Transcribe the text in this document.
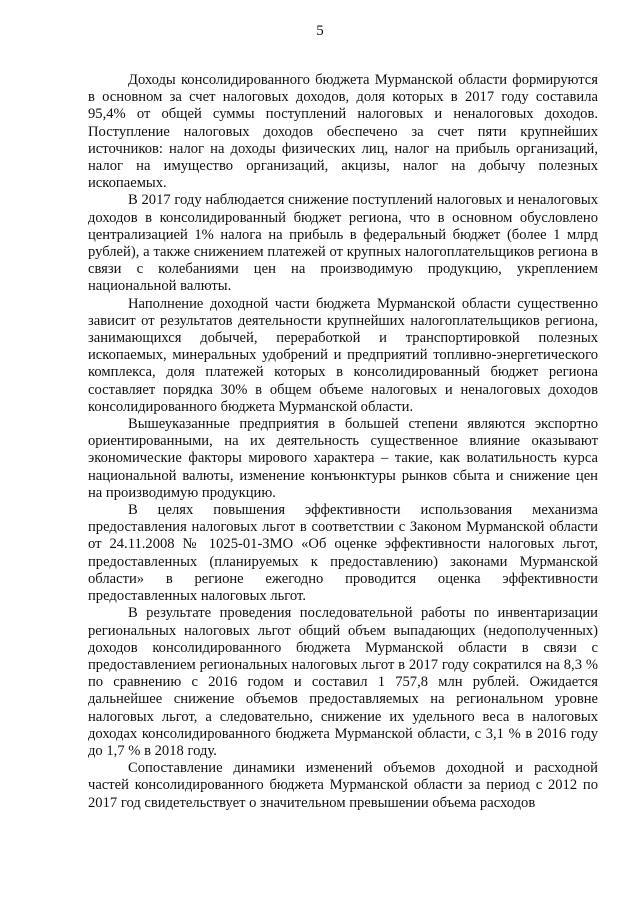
5

Доходы консолидированного бюджета Мурманской области формируются в основном за счет налоговых доходов, доля которых в 2017 году составила 95,4% от общей суммы поступлений налоговых и неналоговых доходов. Поступление налоговых доходов обеспечено за счет пяти крупнейших источников: налог на доходы физических лиц, налог на прибыль организаций, налог на имущество организаций, акцизы, налог на добычу полезных ископаемых.

В 2017 году наблюдается снижение поступлений налоговых и неналоговых доходов в консолидированный бюджет региона, что в основном обусловлено централизацией 1% налога на прибыль в федеральный бюджет (более 1 млрд рублей), а также снижением платежей от крупных налогоплательщиков региона в связи с колебаниями цен на производимую продукцию, укреплением национальной валюты.

Наполнение доходной части бюджета Мурманской области существенно зависит от результатов деятельности крупнейших налогоплательщиков региона, занимающихся добычей, переработкой и транспортировкой полезных ископаемых, минеральных удобрений и предприятий топливно-энергетического комплекса, доля платежей которых в консолидированный бюджет региона составляет порядка 30% в общем объеме налоговых и неналоговых доходов консолидированного бюджета Мурманской области.

Вышеуказанные предприятия в большей степени являются экспортно ориентированными, на их деятельность существенное влияние оказывают экономические факторы мирового характера – такие, как волатильность курса национальной валюты, изменение конъюнктуры рынков сбыта и снижение цен на производимую продукцию.

В целях повышения эффективности использования механизма предоставления налоговых льгот в соответствии с Законом Мурманской области от 24.11.2008 № 1025-01-ЗМО «Об оценке эффективности налоговых льгот, предоставленных (планируемых к предоставлению) законами Мурманской области» в регионе ежегодно проводится оценка эффективности предоставленных налоговых льгот.

В результате проведения последовательной работы по инвентаризации региональных налоговых льгот общий объем выпадающих (недополученных) доходов консолидированного бюджета Мурманской области в связи с предоставлением региональных налоговых льгот в 2017 году сократился на 8,3 % по сравнению с 2016 годом и составил 1 757,8 млн рублей. Ожидается дальнейшее снижение объемов предоставляемых на региональном уровне налоговых льгот, а следовательно, снижение их удельного веса в налоговых доходах консолидированного бюджета Мурманской области, с 3,1 % в 2016 году до 1,7 % в 2018 году.

Сопоставление динамики изменений объемов доходной и расходной частей консолидированного бюджета Мурманской области за период с 2012 по 2017 год свидетельствует о значительном превышении объема расходов
